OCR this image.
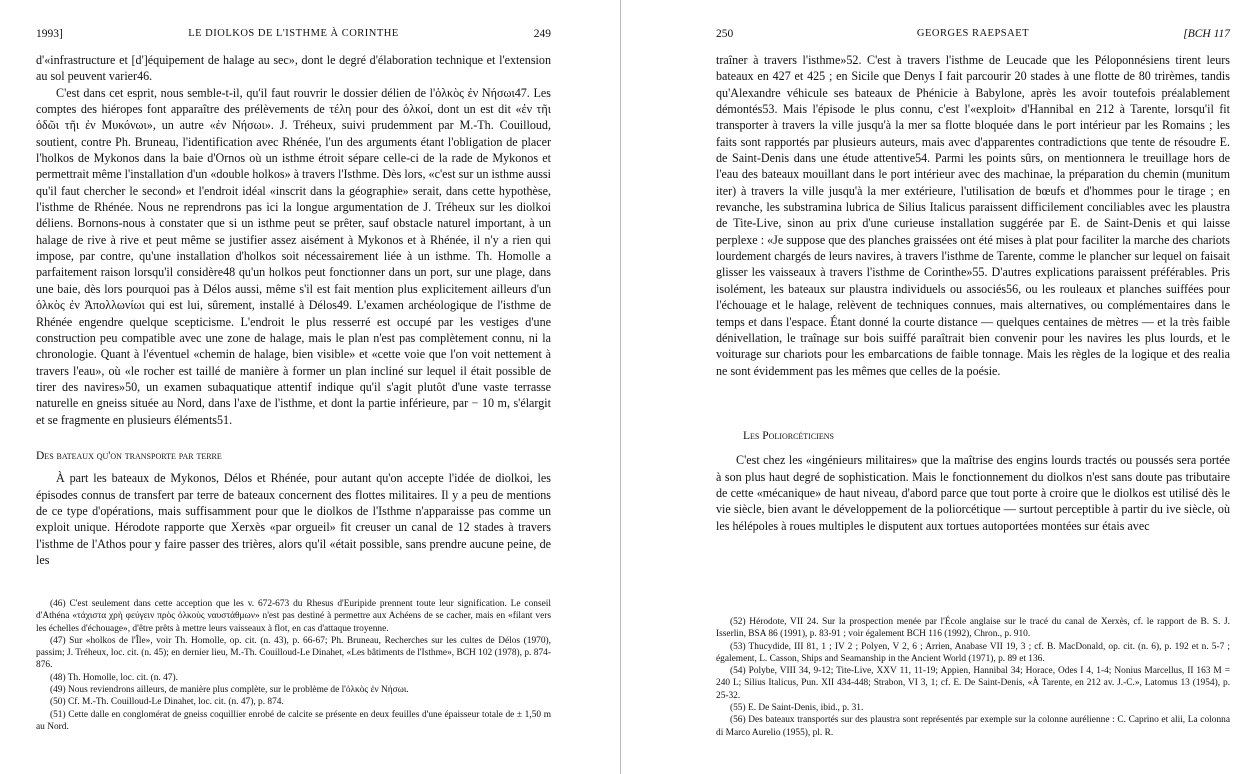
1993]	LE DIOLKOS DE L'ISTHME À CORINTHE	249

d'«infrastructure et [d']équipement de halage au sec», dont le degré d'élaboration technique et l'extension au sol peuvent varier46.

C'est dans cet esprit, nous semble-t-il, qu'il faut rouvrir le dossier délien de l'ὁλκὸς ἐν Νήσωι47. Les comptes des hiéropes font apparaître des prélèvements de τέλη pour des ὁλκοί, dont un est dit «ἐν τῆι ὁδῶι τῆι ἐν Μυκόνωι», un autre «ἐν Νήσωι». J. Tréheux, suivi prudemment par M.-Th. Couilloud, soutient, contre Ph. Bruneau, l'identification avec Rhénée, l'un des arguments étant l'obligation de placer l'holkos de Mykonos dans la baie d'Ornos où un isthme étroit sépare celle-ci de la rade de Mykonos et permettrait même l'installation d'un «double holkos» à travers l'Isthme. Dès lors, «c'est sur un isthme aussi qu'il faut chercher le second» et l'endroit idéal «inscrit dans la géographie» serait, dans cette hypothèse, l'isthme de Rhénée. Nous ne reprendrons pas ici la longue argumentation de J. Tréheux sur les diolkoi déliens. Bornons-nous à constater que si un isthme peut se prêter, sauf obstacle naturel important, à un halage de rive à rive et peut même se justifier assez aisément à Mykonos et à Rhénée, il n'y a rien qui impose, par contre, qu'une installation d'holkos soit nécessairement liée à un isthme. Th. Homolle a parfaitement raison lorsqu'il considère48 qu'un holkos peut fonctionner dans un port, sur une plage, dans une baie, dès lors pourquoi pas à Délos aussi, même s'il est fait mention plus explicitement ailleurs d'un ὁλκὸς ἐν Ἀπολλωνίωι qui est lui, sûrement, installé à Délos49. L'examen archéologique de l'isthme de Rhénée engendre quelque scepticisme. L'endroit le plus resserré est occupé par les vestiges d'une construction peu compatible avec une zone de halage, mais le plan n'est pas complètement connu, ni la chronologie. Quant à l'éventuel «chemin de halage, bien visible» et «cette voie que l'on voit nettement à travers l'eau», où «le rocher est taillé de manière à former un plan incliné sur lequel il était possible de tirer des navires»50, un examen subaquatique attentif indique qu'il s'agit plutôt d'une vaste terrasse naturelle en gneiss située au Nord, dans l'axe de l'isthme, et dont la partie inférieure, par − 10 m, s'élargit et se fragmente en plusieurs éléments51.

Des bateaux qu'on transporte par terre

À part les bateaux de Mykonos, Délos et Rhénée, pour autant qu'on accepte l'idée de diolkoi, les épisodes connus de transfert par terre de bateaux concernent des flottes militaires. Il y a peu de mentions de ce type d'opérations, mais suffisamment pour que le diolkos de l'Isthme n'apparaisse pas comme un exploit unique. Hérodote rapporte que Xerxès «par orgueil» fit creuser un canal de 12 stades à travers l'isthme de l'Athos pour y faire passer des trières, alors qu'il «était possible, sans prendre aucune peine, de les

(46) C'est seulement dans cette acception que les v. 672-673 du Rhesus d'Euripide prennent toute leur signification. Le conseil d'Athéna «τάχιστα χρὴ φεύγειν πρὸς ὁλκοὺς ναυστάθμων» n'est pas destiné à permettre aux Achéens de se cacher, mais en «filant vers les échelles d'échouage», d'être prêts à mettre leurs vaisseaux à flot, en cas d'attaque troyenne.

(47) Sur «holkos de l'Île», voir Th. Homolle, op. cit. (n. 43), p. 66-67; Ph. Bruneau, Recherches sur les cultes de Délos (1970), passim; J. Tréheux, loc. cit. (n. 45); en dernier lieu, M.-Th. Couilloud-Le Dinahet, «Les bâtiments de l'Isthme», BCH 102 (1978), p. 874-876.

(48) Th. Homolle, loc. cit. (n. 47).

(49) Nous reviendrons ailleurs, de manière plus complète, sur le problème de l'ὁλκὸς ἐν Νήσωι.

(50) Cf. M.-Th. Couilloud-Le Dinahet, loc. cit. (n. 47), p. 874.

(51) Cette dalle en conglomérat de gneiss coquillier enrobé de calcite se présente en deux feuilles d'une épaisseur totale de ± 1,50 m au Nord.

250	GEORGES RAEPSAET	[BCH 117

traîner à travers l'isthme»52. C'est à travers l'isthme de Leucade que les Péloponnésiens tirent leurs bateaux en 427 et 425 ; en Sicile que Denys I fait parcourir 20 stades à une flotte de 80 trirèmes, tandis qu'Alexandre véhicule ses bateaux de Phénicie à Babylone, après les avoir toutefois préalablement démontés53. Mais l'épisode le plus connu, c'est l'«exploit» d'Hannibal en 212 à Tarente, lorsqu'il fit transporter à travers la ville jusqu'à la mer sa flotte bloquée dans le port intérieur par les Romains ; les faits sont rapportés par plusieurs auteurs, mais avec d'apparentes contradictions que tente de résoudre E. de Saint-Denis dans une étude attentive54. Parmi les points sûrs, on mentionnera le treuillage hors de l'eau des bateaux mouillant dans le port intérieur avec des machinae, la préparation du chemin (munitum iter) à travers la ville jusqu'à la mer extérieure, l'utilisation de bœufs et d'hommes pour le tirage ; en revanche, les substramina lubrica de Silius Italicus paraissent difficilement conciliables avec les plaustra de Tite-Live, sinon au prix d'une curieuse installation suggérée par E. de Saint-Denis et qui laisse perplexe : «Je suppose que des planches graissées ont été mises à plat pour faciliter la marche des chariots lourdement chargés de leurs navires, à travers l'isthme de Tarente, comme le plancher sur lequel on faisait glisser les vaisseaux à travers l'isthme de Corinthe»55. D'autres explications paraissent préférables. Pris isolément, les bateaux sur plaustra individuels ou associés56, ou les rouleaux et planches suiffées pour l'échouage et le halage, relèvent de techniques connues, mais alternatives, ou complémentaires dans le temps et dans l'espace. Étant donné la courte distance — quelques centaines de mètres — et la très faible dénivellation, le traînage sur bois suiffé paraîtrait bien convenir pour les navires les plus lourds, et le voiturage sur chariots pour les embarcations de faible tonnage. Mais les règles de la logique et des realia ne sont évidemment pas les mêmes que celles de la poésie.

Les Poliorcéticiens

C'est chez les «ingénieurs militaires» que la maîtrise des engins lourds tractés ou poussés sera portée à son plus haut degré de sophistication. Mais le fonctionnement du diolkos n'est sans doute pas tributaire de cette «mécanique» de haut niveau, d'abord parce que tout porte à croire que le diolkos est utilisé dès le vie siècle, bien avant le développement de la poliorcétique — surtout perceptible à partir du ive siècle, où les hélépoles à roues multiples le disputent aux tortues autoportées montées sur étais avec

(52) Hérodote, VII 24. Sur la prospection menée par l'École anglaise sur le tracé du canal de Xerxès, cf. le rapport de B. S. J. Isserlin, BSA 86 (1991), p. 83-91 ; voir également BCH 116 (1992), Chron., p. 910.

(53) Thucydide, III 81, 1 ; IV 2 ; Polyen, V 2, 6 ; Arrien, Anabase VII 19, 3 ; cf. B. MacDonald, op. cit. (n. 6), p. 192 et n. 5-7 ; également, L. Casson, Ships and Seamanship in the Ancient World (1971), p. 89 et 136.

(54) Polybe, VIII 34, 9-12; Tite-Live, XXV 11, 11-19; Appien, Hannibal 34; Horace, Odes I 4, 1-4; Nonius Marcellus, II 163 M = 240 L; Silius Italicus, Pun. XII 434-448; Strabon, VI 3, 1; cf. E. De Saint-Denis, «À Tarente, en 212 av. J.-C.», Latomus 13 (1954), p. 25-32.

(55) E. De Saint-Denis, ibid., p. 31.

(56) Des bateaux transportés sur des plaustra sont représentés par exemple sur la colonne aurélienne : C. Caprino et alii, La colonna di Marco Aurelio (1955), pl. R.
